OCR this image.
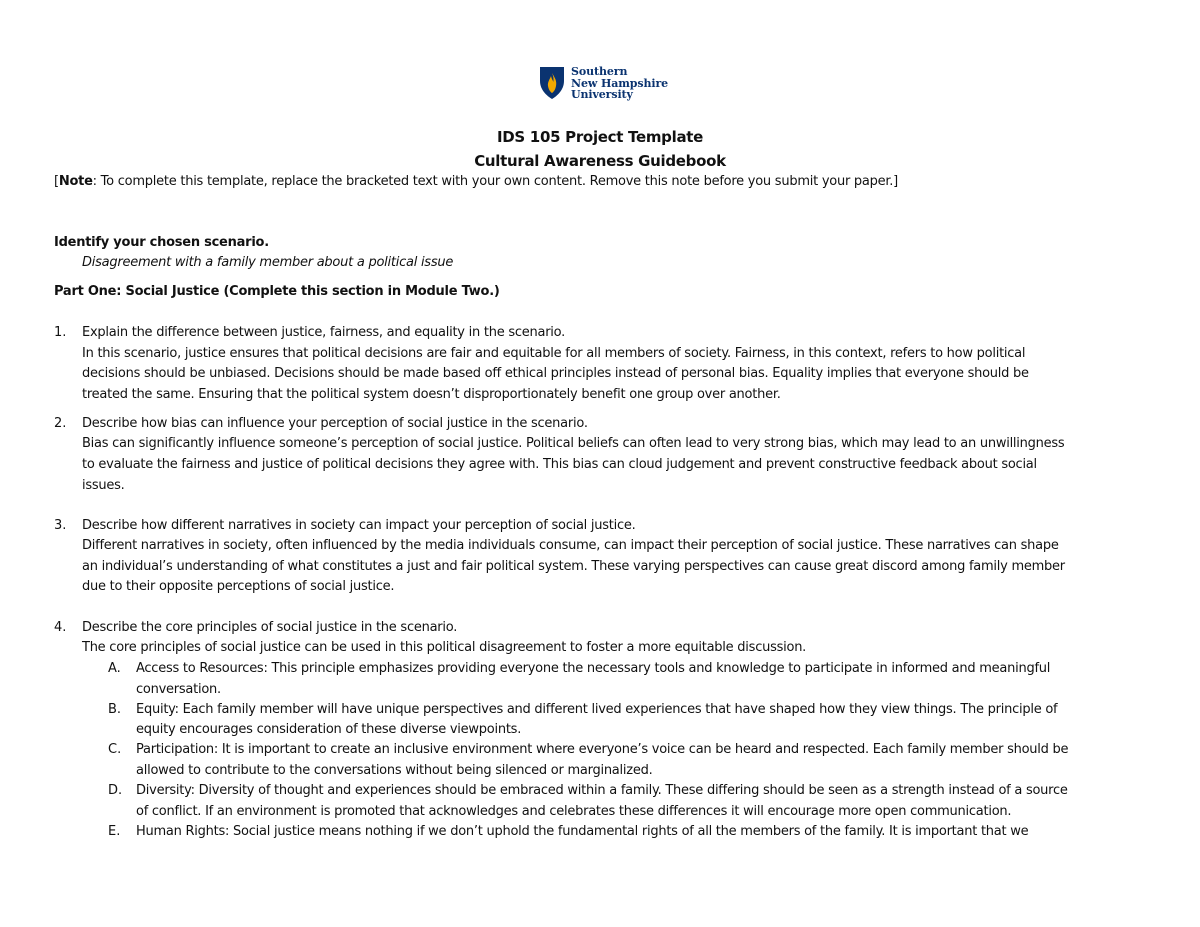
Southern
New Hampshire
University
IDS 105 Project Template
Cultural Awareness Guidebook
[Note: To complete this template, replace the bracketed text with your own content. Remove this note before you submit your paper.]
Identify your chosen scenario.
Disagreement with a family member about a political issue
Part One: Social Justice (Complete this section in Module Two.)
1. Explain the difference between justice, fairness, and equality in the scenario.
In this scenario, justice ensures that political decisions are fair and equitable for all members of society. Fairness, in this context, refers to how political
decisions should be unbiased. Decisions should be made based off ethical principles instead of personal bias. Equality implies that everyone should be
treated the same. Ensuring that the political system doesn’t disproportionately benefit one group over another.
2. Describe how bias can influence your perception of social justice in the scenario.
Bias can significantly influence someone’s perception of social justice. Political beliefs can often lead to very strong bias, which may lead to an unwillingness
to evaluate the fairness and justice of political decisions they agree with. This bias can cloud judgement and prevent constructive feedback about social
issues.
3. Describe how different narratives in society can impact your perception of social justice.
Different narratives in society, often influenced by the media individuals consume, can impact their perception of social justice. These narratives can shape
an individual’s understanding of what constitutes a just and fair political system. These varying perspectives can cause great discord among family member
due to their opposite perceptions of social justice.
4. Describe the core principles of social justice in the scenario.
The core principles of social justice can be used in this political disagreement to foster a more equitable discussion.
A. Access to Resources: This principle emphasizes providing everyone the necessary tools and knowledge to participate in informed and meaningful
conversation.
B. Equity: Each family member will have unique perspectives and different lived experiences that have shaped how they view things. The principle of
equity encourages consideration of these diverse viewpoints.
C. Participation: It is important to create an inclusive environment where everyone’s voice can be heard and respected. Each family member should be
allowed to contribute to the conversations without being silenced or marginalized.
D. Diversity: Diversity of thought and experiences should be embraced within a family. These differing should be seen as a strength instead of a source
of conflict. If an environment is promoted that acknowledges and celebrates these differences it will encourage more open communication.
E. Human Rights: Social justice means nothing if we don’t uphold the fundamental rights of all the members of the family. It is important that we
